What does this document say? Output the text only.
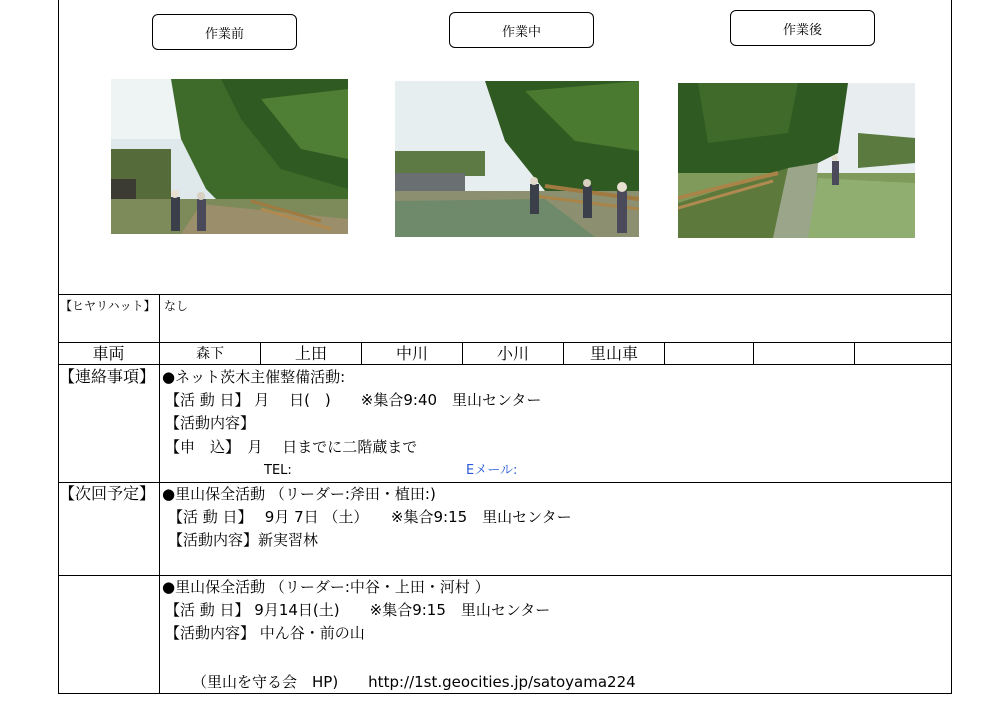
作業前	作業中	作業後
【ヒヤリハット】 なし
車両	森下	上田	中川	小川	里山車
【連絡事項】 ●ネット茨木主催整備活動:
【活 動 日】 月　 日(　)　　※集合9:40　里山センター
【活動内容】
【申　込】　月　 日までに二階蔵まで
TEL:	Eメール:
【次回予定】 ●里山保全活動 （リーダー:斧田・植田:)
【活 動 日】　 9月 7日 （土）　　※集合9:15　里山センター
【活動内容】新実習林
●里山保全活動 （リーダー:中谷・上田・河村 ）
【活 動 日】 9月14日(土)　　※集合9:15　里山センター
【活動内容】 中ん谷・前の山
（里山を守る会　HP)　　http://1st.geocities.jp/satoyama224
